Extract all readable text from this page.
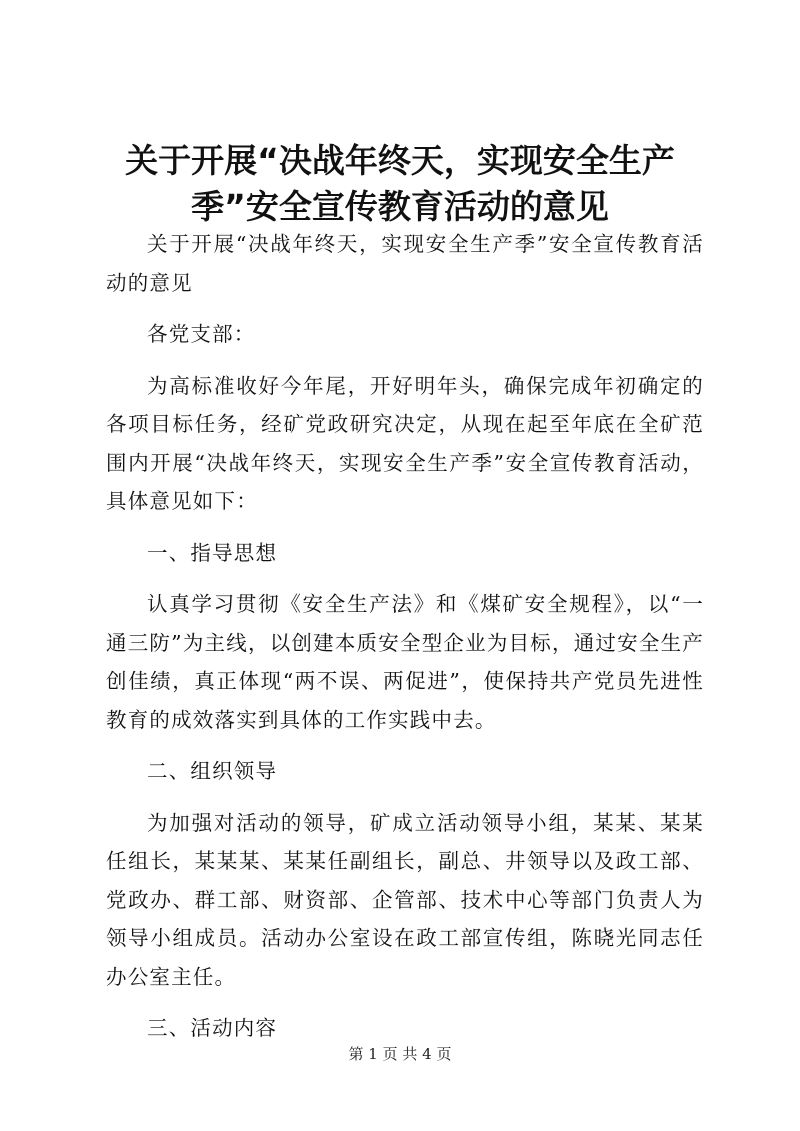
关于开展“决战年终天，实现安全生产季”安全宣传教育活动的意见

关于开展“决战年终天，实现安全生产季”安全宣传教育活动的意见

各党支部：

为高标准收好今年尾，开好明年头，确保完成年初确定的各项目标任务，经矿党政研究决定，从现在起至年底在全矿范围内开展“决战年终天，实现安全生产季”安全宣传教育活动，具体意见如下：

一、指导思想

认真学习贯彻《安全生产法》和《煤矿安全规程》，以“一通三防”为主线，以创建本质安全型企业为目标，通过安全生产创佳绩，真正体现“两不误、两促进”，使保持共产党员先进性教育的成效落实到具体的工作实践中去。

二、组织领导

为加强对活动的领导，矿成立活动领导小组，某某、某某任组长，某某某、某某任副组长，副总、井领导以及政工部、党政办、群工部、财资部、企管部、技术中心等部门负责人为领导小组成员。活动办公室设在政工部宣传组，陈晓光同志任办公室主任。

三、活动内容

第 1 页 共 4 页
